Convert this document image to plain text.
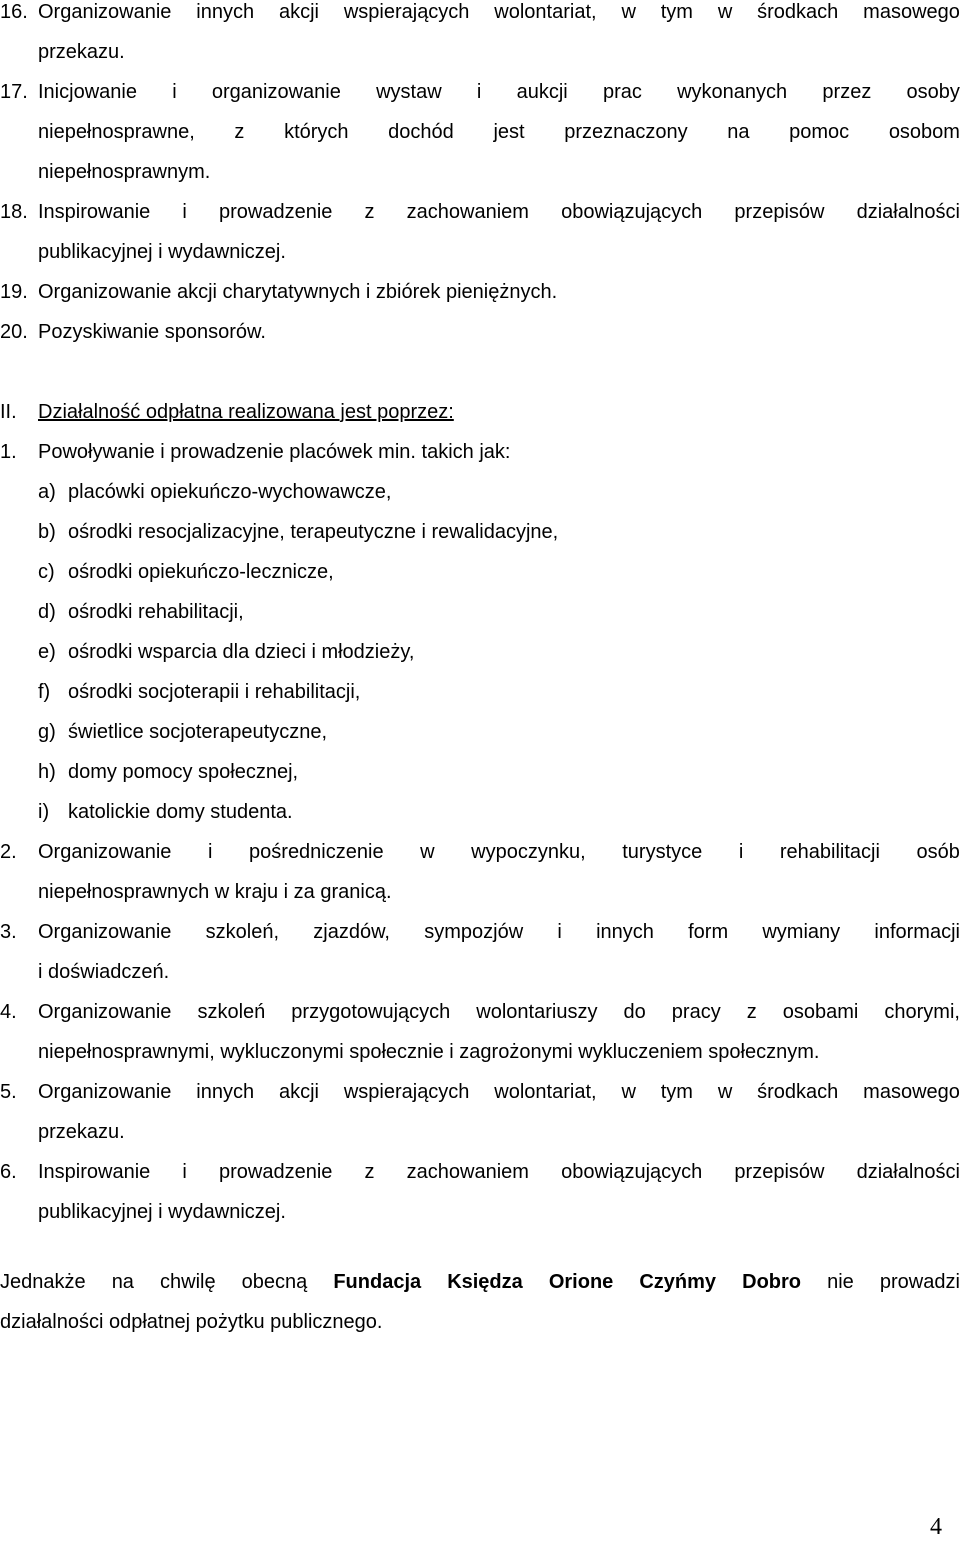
16. Organizowanie innych akcji wspierających wolontariat, w tym w środkach masowego
przekazu.
17. Inicjowanie i organizowanie wystaw i aukcji prac wykonanych przez osoby
niepełnosprawne, z których dochód jest przeznaczony na pomoc osobom
niepełnosprawnym.
18. Inspirowanie i prowadzenie z zachowaniem obowiązujących przepisów działalności
publikacyjnej i wydawniczej.
19. Organizowanie akcji charytatywnych i zbiórek pieniężnych.
20. Pozyskiwanie sponsorów.
II. Działalność odpłatna realizowana jest poprzez:
1. Powoływanie i prowadzenie placówek min. takich jak:
a) placówki opiekuńczo-wychowawcze,
b) ośrodki resocjalizacyjne, terapeutyczne i rewalidacyjne,
c) ośrodki opiekuńczo-lecznicze,
d) ośrodki rehabilitacji,
e) ośrodki wsparcia dla dzieci i młodzieży,
f) ośrodki socjoterapii i rehabilitacji,
g) świetlice socjoterapeutyczne,
h) domy pomocy społecznej,
i) katolickie domy studenta.
2. Organizowanie i pośredniczenie w wypoczynku, turystyce i rehabilitacji osób
niepełnosprawnych w kraju i za granicą.
3. Organizowanie szkoleń, zjazdów, sympozjów i innych form wymiany informacji
i doświadczeń.
4. Organizowanie szkoleń przygotowujących wolontariuszy do pracy z osobami chorymi,
niepełnosprawnymi, wykluczonymi społecznie i zagrożonymi wykluczeniem społecznym.
5. Organizowanie innych akcji wspierających wolontariat, w tym w środkach masowego
przekazu.
6. Inspirowanie i prowadzenie z zachowaniem obowiązujących przepisów działalności
publikacyjnej i wydawniczej.
Jednakże na chwilę obecną Fundacja Księdza Orione Czyńmy Dobro nie prowadzi
działalności odpłatnej pożytku publicznego.
4
